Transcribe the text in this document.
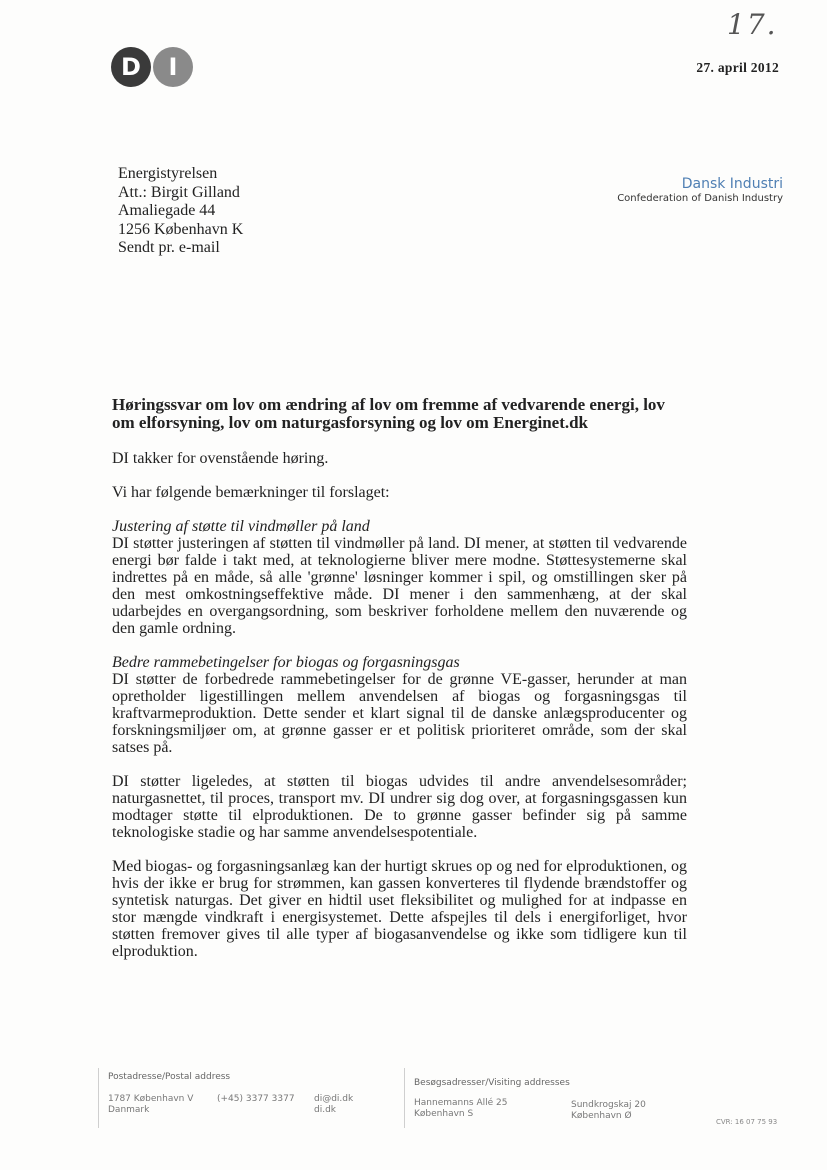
17.
D	I	27. april 2012
Energistyrelsen
Att.: Birgit Gilland
Amaliegade 44
1256 København K
Sendt pr. e-mail
Dansk Industri
Confederation of Danish Industry
Høringssvar om lov om ændring af lov om fremme af vedvarende energi, lov om elforsyning, lov om naturgasforsyning og lov om Energinet.dk

DI takker for ovenstående høring.

Vi har følgende bemærkninger til forslaget:

Justering af støtte til vindmøller på land

DI støtter justeringen af støtten til vindmøller på land. DI mener, at støtten til vedvarende energi bør falde i takt med, at teknologierne bliver mere modne. Støttesystemerne skal indrettes på en måde, så alle 'grønne' løsninger kommer i spil, og omstillingen sker på den mest omkostningseffektive måde. DI mener i den sammenhæng, at der skal udarbejdes en overgangsordning, som beskriver forholdene mellem den nuværende og den gamle ordning.

Bedre rammebetingelser for biogas og forgasningsgas

DI støtter de forbedrede rammebetingelser for de grønne VE-gasser, herunder at man opretholder ligestillingen mellem anvendelsen af biogas og forgasningsgas til kraftvarmeproduktion. Dette sender et klart signal til de danske anlægsproducenter og forskningsmiljøer om, at grønne gasser er et politisk prioriteret område, som der skal satses på.

DI støtter ligeledes, at støtten til biogas udvides til andre anvendelsesområder; naturgasnettet, til proces, transport mv. DI undrer sig dog over, at forgasningsgassen kun modtager støtte til elproduktionen. De to grønne gasser befinder sig på samme teknologiske stadie og har samme anvendelsespotentiale.

Med biogas- og forgasningsanlæg kan der hurtigt skrues op og ned for elproduktionen, og hvis der ikke er brug for strømmen, kan gassen konverteres til flydende brændstoffer og syntetisk naturgas. Det giver en hidtil uset fleksibilitet og mulighed for at indpasse en stor mængde vindkraft i energisystemet. Dette afspejles til dels i energiforliget, hvor støtten fremover gives til alle typer af biogasanvendelse og ikke som tidligere kun til elproduktion.

Postadresse/Postal address
1787 København V
Danmark
(+45) 3377 3377 di@di.dk
di.dk
Besøgsadresser/Visiting addresses
Hannemanns Allé 25
København S
Sundkrogskaj 20
København Ø
CVR: 16 07 75 93
